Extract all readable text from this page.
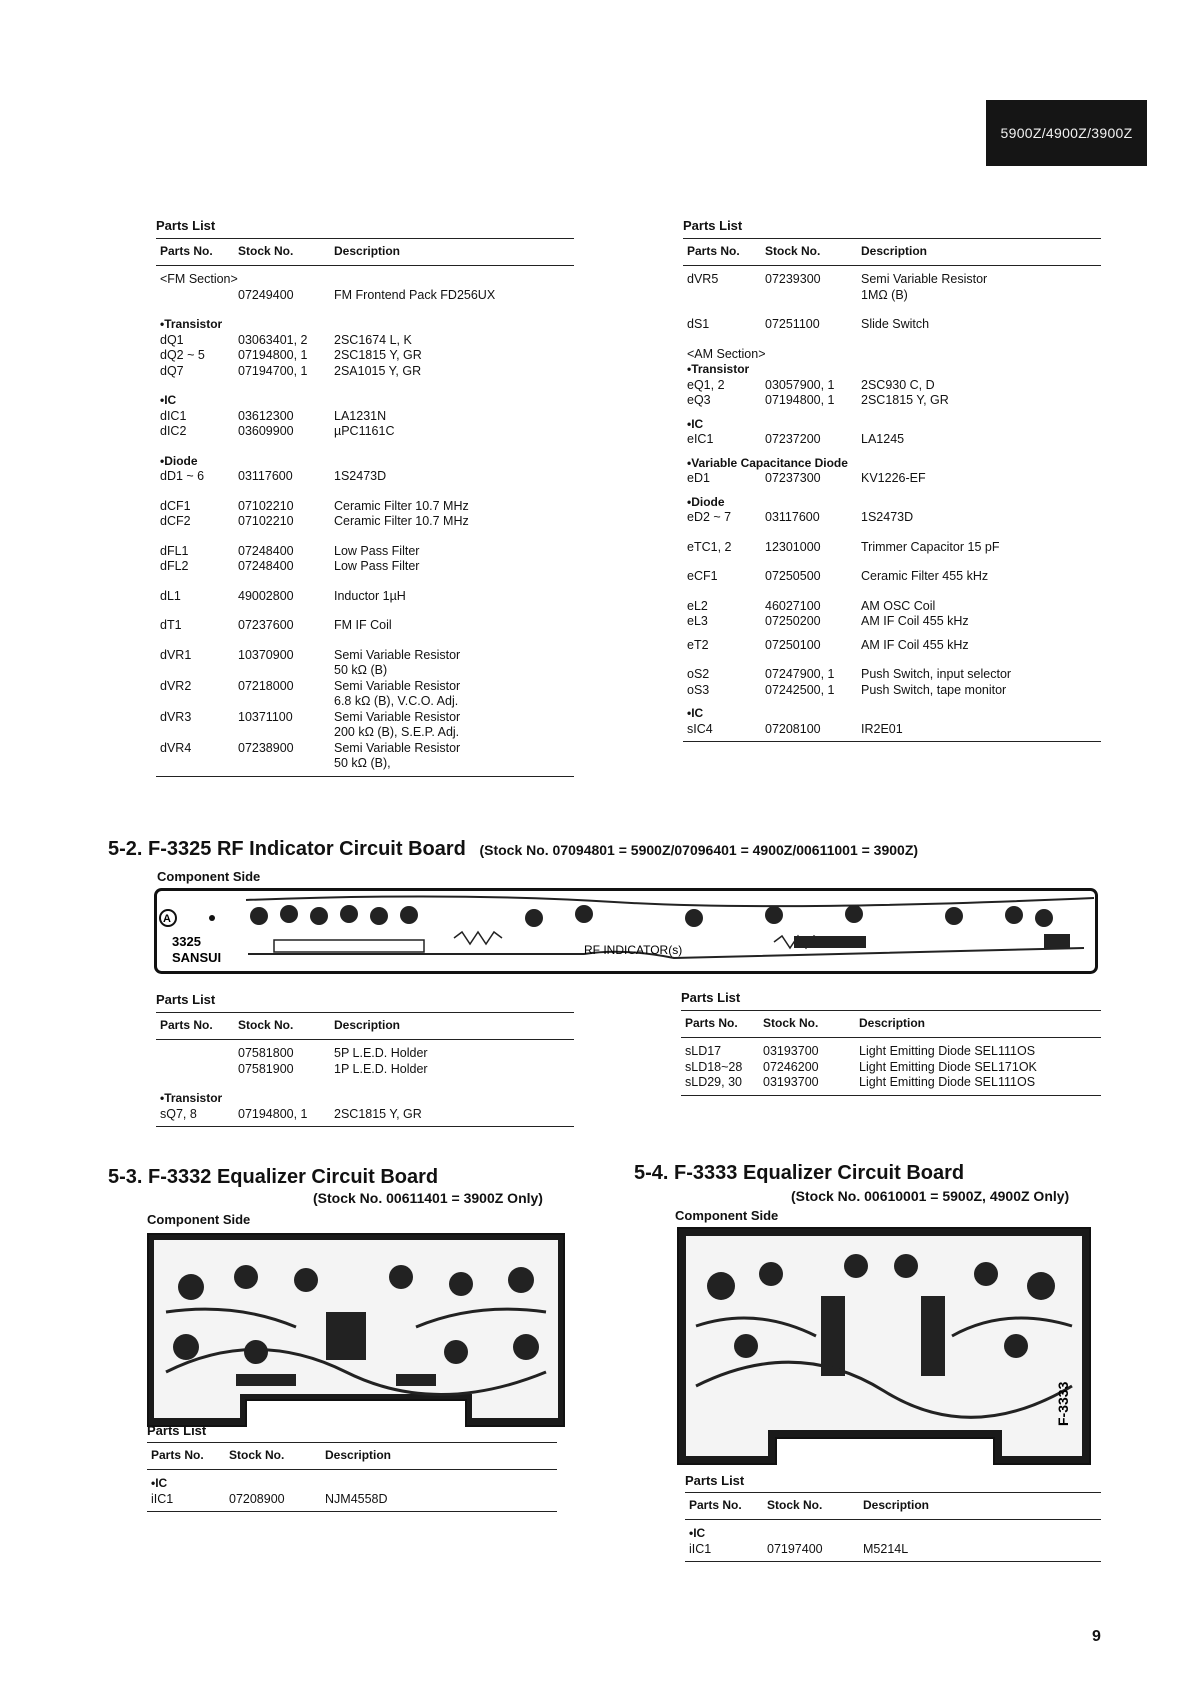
5900Z/4900Z/3900Z
Parts List
Parts No.	Stock No.	Description
<FM Section>
07249400	FM Frontend Pack FD256UX
•Transistor
dQ1	03063401, 2	2SC1674 L, K
dQ2 ~ 5	07194800, 1	2SC1815 Y, GR
dQ7	07194700, 1	2SA1015 Y, GR
•IC
dIC1	03612300	LA1231N
dIC2	03609900	µPC1161C
•Diode
dD1 ~ 6	03117600	1S2473D
dCF1	07102210	Ceramic Filter 10.7 MHz
dCF2	07102210	Ceramic Filter 10.7 MHz
dFL1	07248400	Low Pass Filter
dFL2	07248400	Low Pass Filter
dL1	49002800	Inductor 1µH
dT1	07237600	FM IF Coil
dVR1	10370900	Semi Variable Resistor
50 kΩ (B)
dVR2	07218000	Semi Variable Resistor
6.8 kΩ (B), V.C.O. Adj.
dVR3	10371100	Semi Variable Resistor
200 kΩ (B), S.E.P. Adj.
dVR4	07238900	Semi Variable Resistor
50 kΩ (B),
Parts List
Parts No.	Stock No.	Description
dVR5	07239300	Semi Variable Resistor
1MΩ (B)
dS1	07251100	Slide Switch
<AM Section>
•Transistor
eQ1, 2	03057900, 1	2SC930 C, D
eQ3	07194800, 1	2SC1815 Y, GR
•IC
eIC1	07237200	LA1245
•Variable Capacitance Diode
eD1	07237300	KV1226-EF
•Diode
eD2 ~ 7	03117600	1S2473D
eTC1, 2	12301000	Trimmer Capacitor 15 pF
eCF1	07250500	Ceramic Filter 455 kHz
eL2	46027100	AM OSC Coil
eL3	07250200	AM IF Coil 455 kHz
eT2	07250100	AM IF Coil 455 kHz
oS2	07247900, 1	Push Switch, input selector
oS3	07242500, 1	Push Switch, tape monitor
•IC
sIC4	07208100	IR2E01
5-2. F-3325 RF Indicator Circuit Board (Stock No. 07094801 = 5900Z/07096401 = 4900Z/00611001 = 3900Z)
Component Side
A
3325
SANSUI	RF INDICATOR(s)
Parts List
Parts No.	Stock No.	Description
07581800	5P L.E.D. Holder
07581900	1P L.E.D. Holder
•Transistor
sQ7, 8	07194800, 1	2SC1815 Y, GR
Parts List
Parts No.	Stock No.	Description
sLD17	03193700	Light Emitting Diode SEL111OS
sLD18~28	07246200	Light Emitting Diode SEL171OK
sLD29, 30	03193700	Light Emitting Diode SEL111OS
5-3. F-3332 Equalizer Circuit Board
(Stock No. 00611401 = 3900Z Only)
Component Side
Parts List
Parts No.	Stock No.	Description
•IC
iIC1	07208900	NJM4558D
5-4. F-3333 Equalizer Circuit Board
(Stock No. 00610001 = 5900Z, 4900Z Only)
Component Side
F-3333
Parts List
Parts No.	Stock No.	Description
•IC
iIC1	07197400	M5214L
9
